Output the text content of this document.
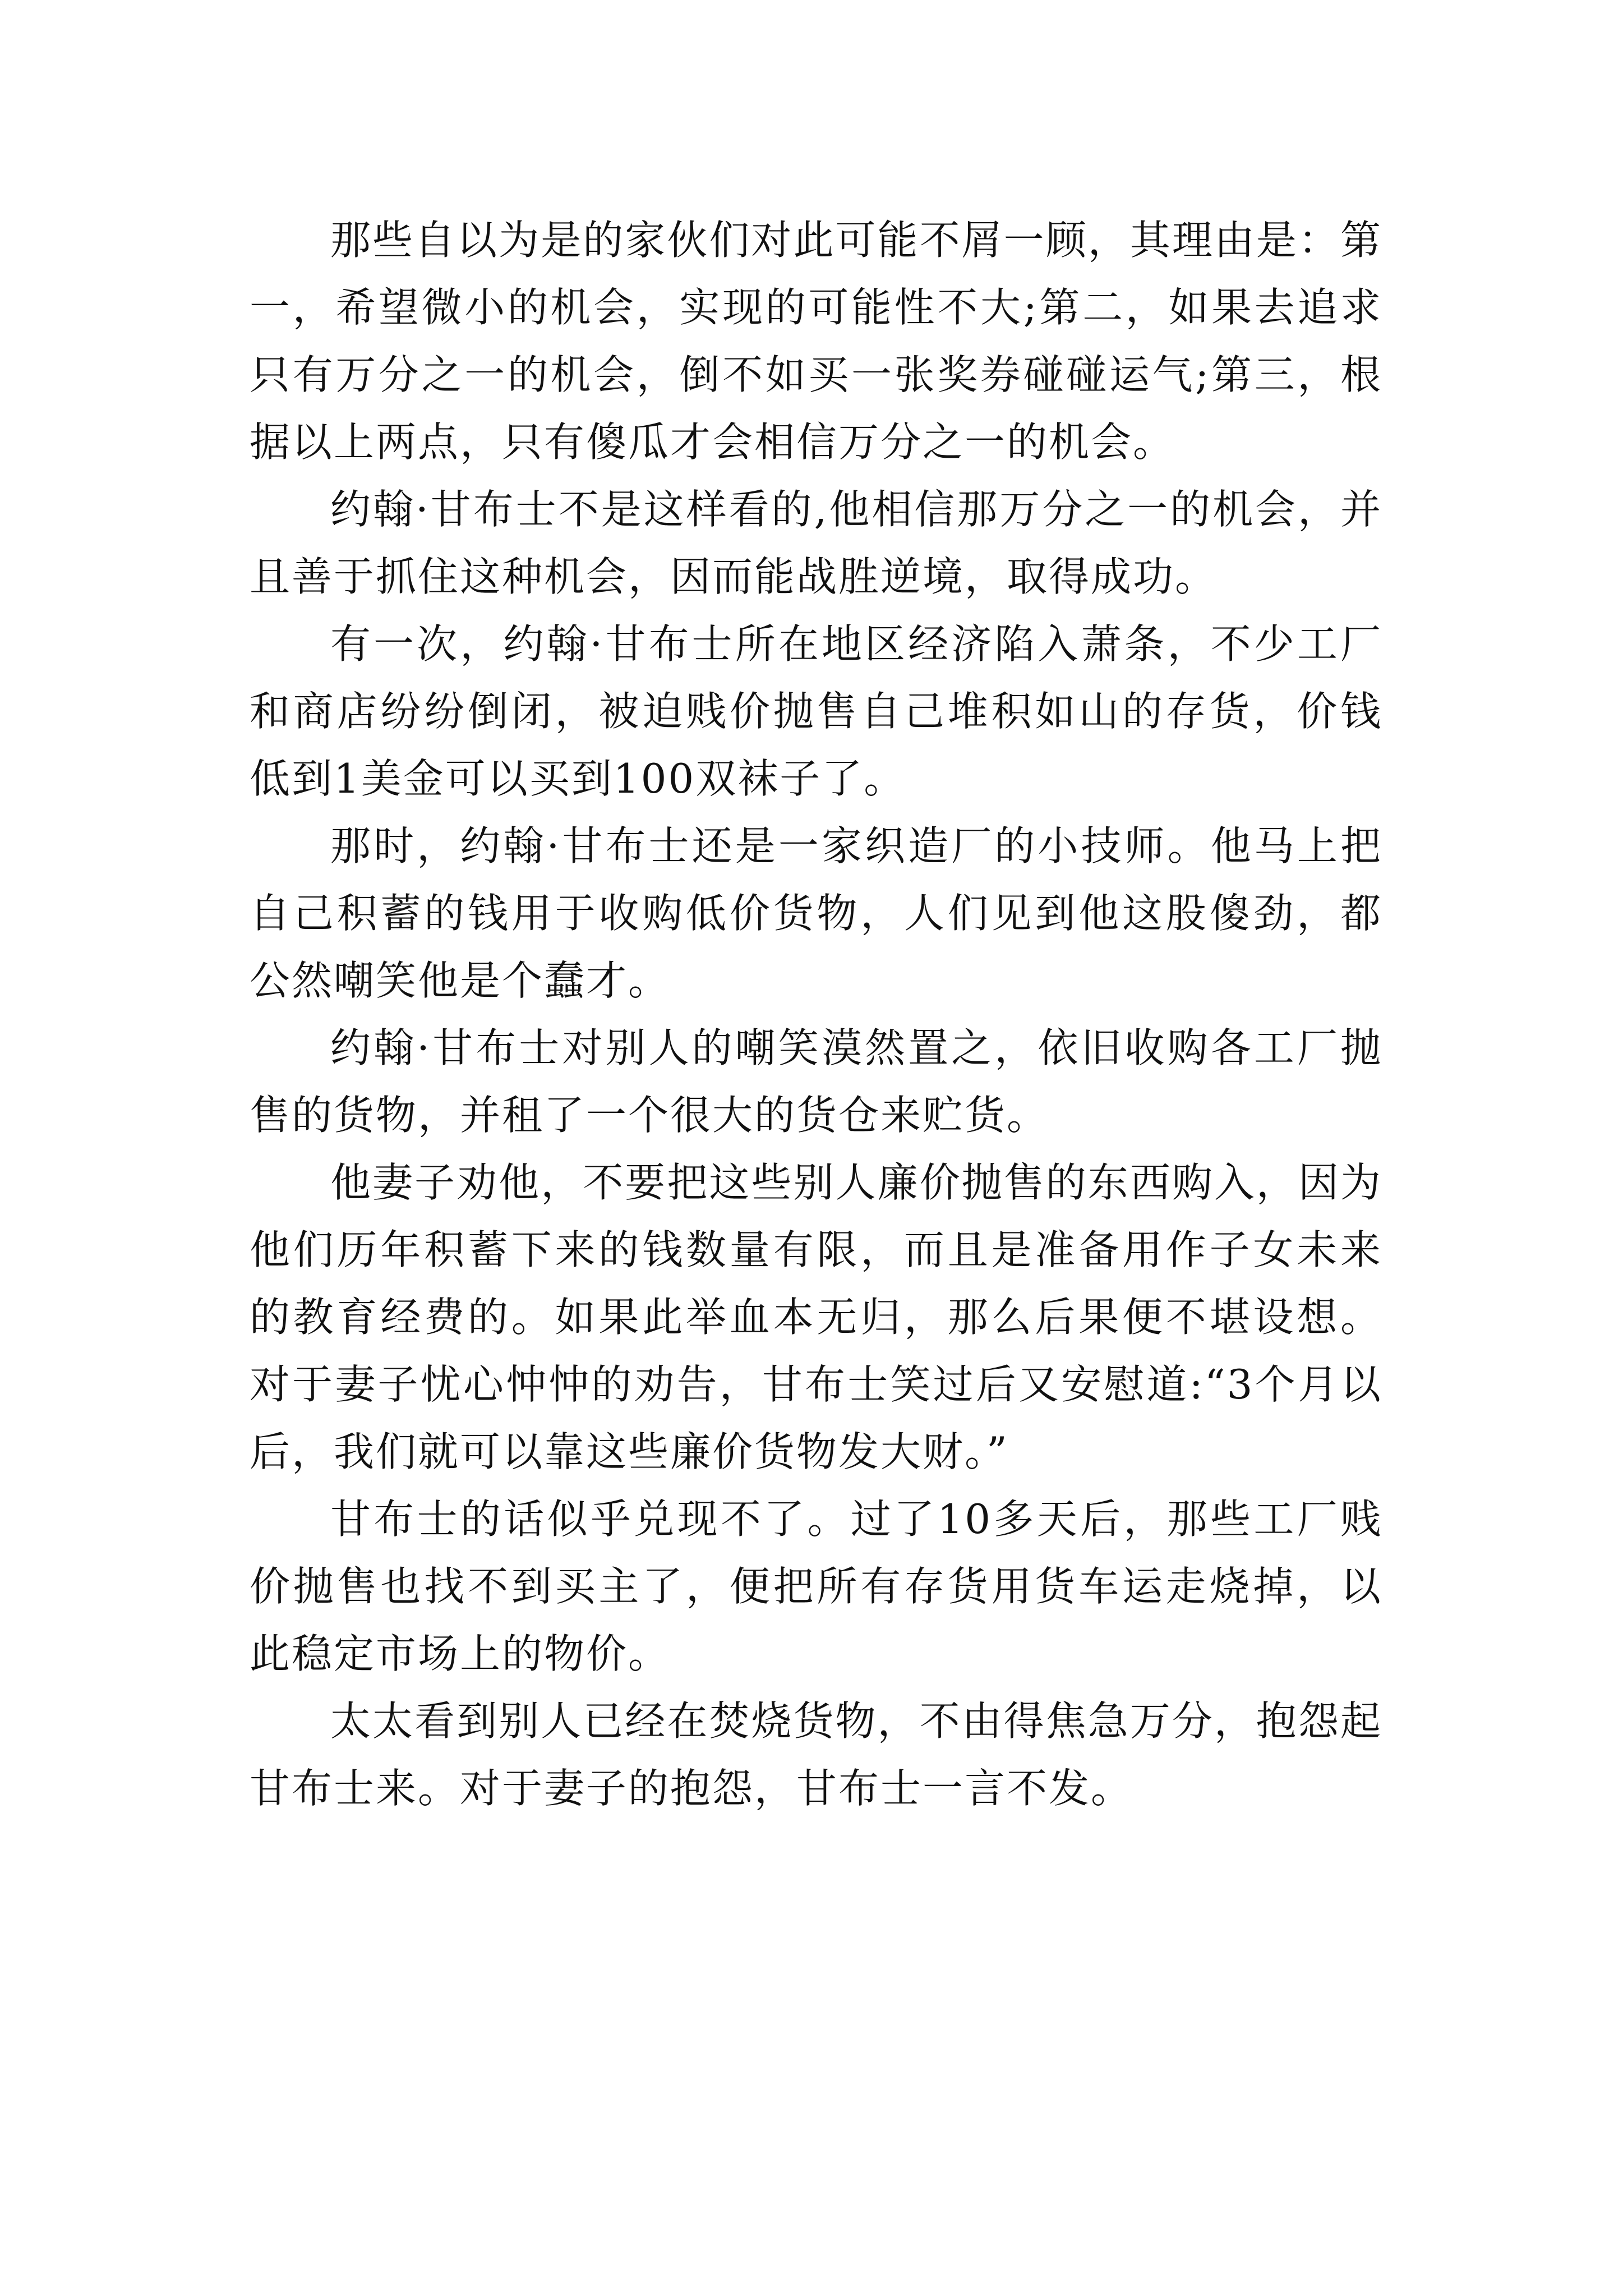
那些自以为是的家伙们对此可能不屑一顾，其理由是：第一，希望微小的机会，实现的可能性不大;第二，如果去追求只有万分之一的机会，倒不如买一张奖券碰碰运气;第三，根据以上两点，只有傻瓜才会相信万分之一的机会。

约翰·甘布士不是这样看的,他相信那万分之一的机会，并且善于抓住这种机会，因而能战胜逆境，取得成功。

有一次，约翰·甘布士所在地区经济陷入萧条，不少工厂和商店纷纷倒闭，被迫贱价抛售自己堆积如山的存货，价钱低到1美金可以买到100双袜子了。

那时，约翰·甘布士还是一家织造厂的小技师。他马上把自己积蓄的钱用于收购低价货物，人们见到他这股傻劲，都公然嘲笑他是个蠢才。

约翰·甘布士对别人的嘲笑漠然置之，依旧收购各工厂抛售的货物，并租了一个很大的货仓来贮货。

他妻子劝他，不要把这些别人廉价抛售的东西购入，因为他们历年积蓄下来的钱数量有限，而且是准备用作子女未来的教育经费的。如果此举血本无归，那么后果便不堪设想。对于妻子忧心忡忡的劝告，甘布士笑过后又安慰道:“3个月以后，我们就可以靠这些廉价货物发大财。”

甘布士的话似乎兑现不了。过了10多天后，那些工厂贱价抛售也找不到买主了，便把所有存货用货车运走烧掉，以此稳定市场上的物价。

太太看到别人已经在焚烧货物，不由得焦急万分，抱怨起甘布士来。对于妻子的抱怨，甘布士一言不发。
